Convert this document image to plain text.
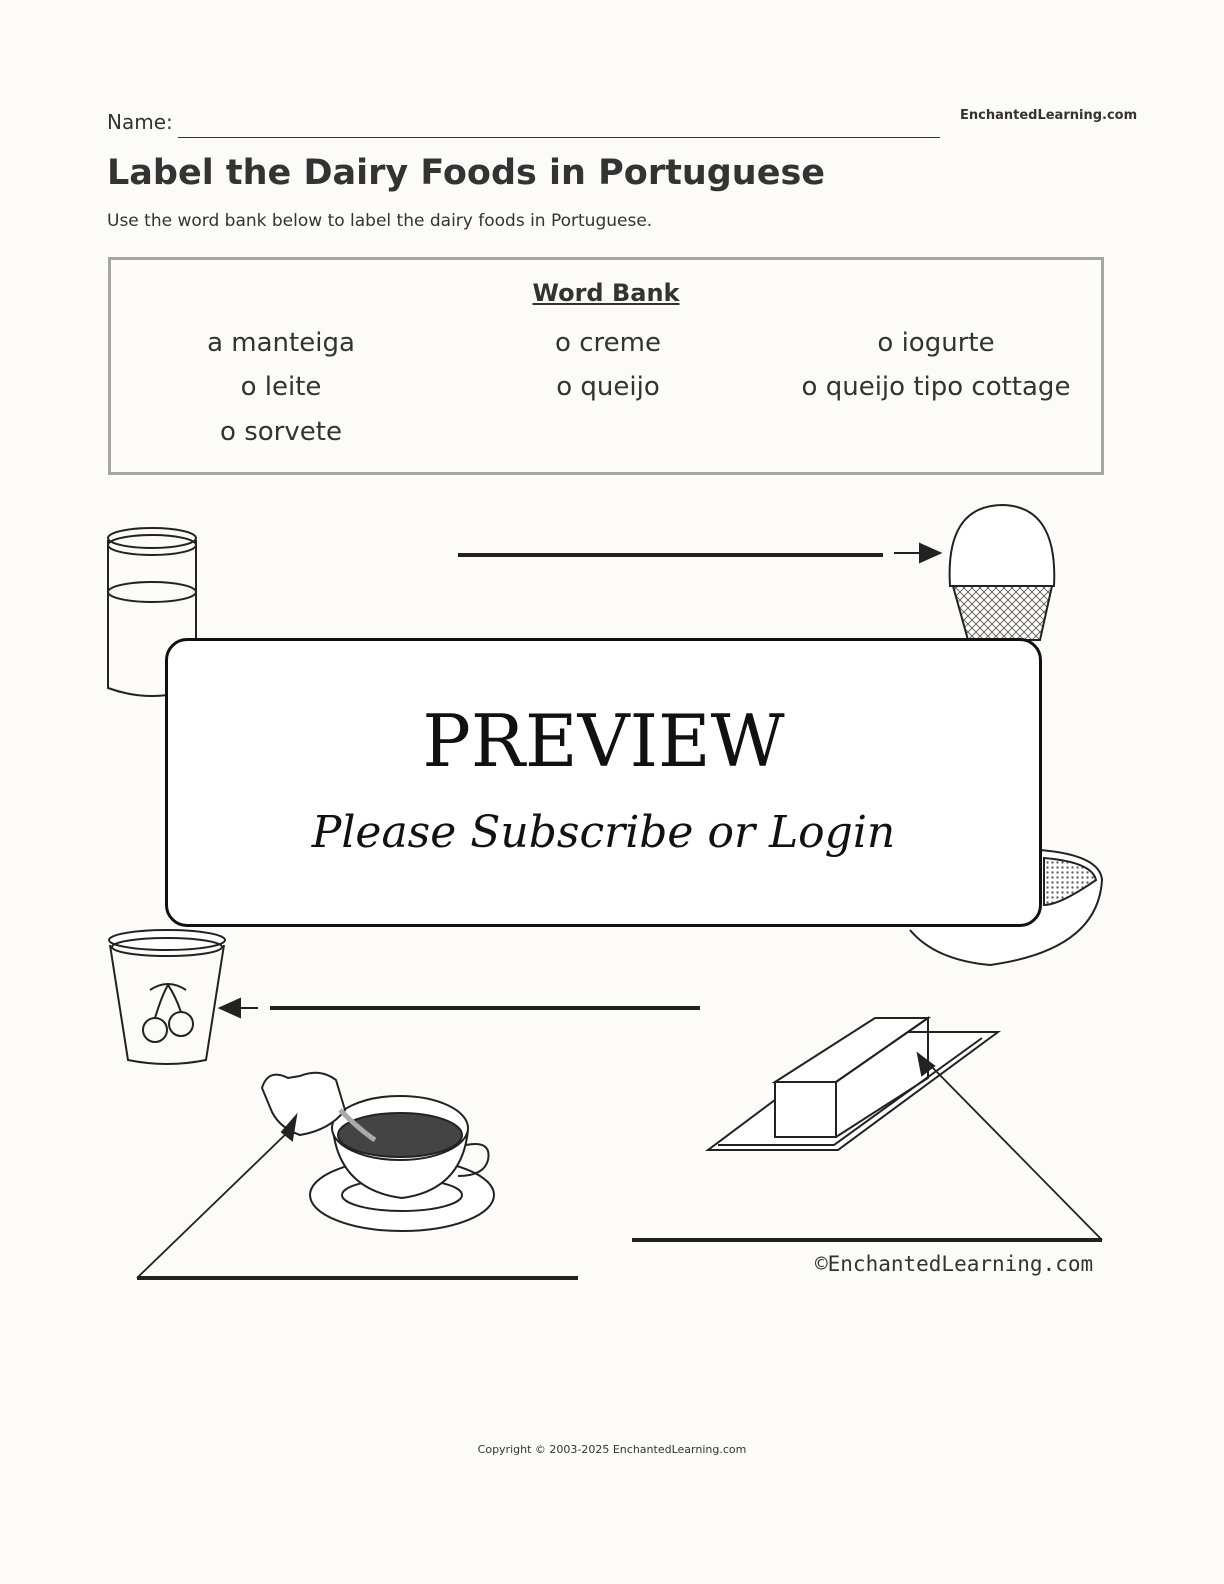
Name:	EnchantedLearning.com
Label the Dairy Foods in Portuguese
Use the word bank below to label the dairy foods in Portuguese.
Word Bank
a manteiga	o creme	o iogurte
o leite	o queijo	o queijo tipo cottage
o sorvete
PREVIEW
Please Subscribe or Login
©EnchantedLearning.com
Copyright © 2003-2025 EnchantedLearning.com
